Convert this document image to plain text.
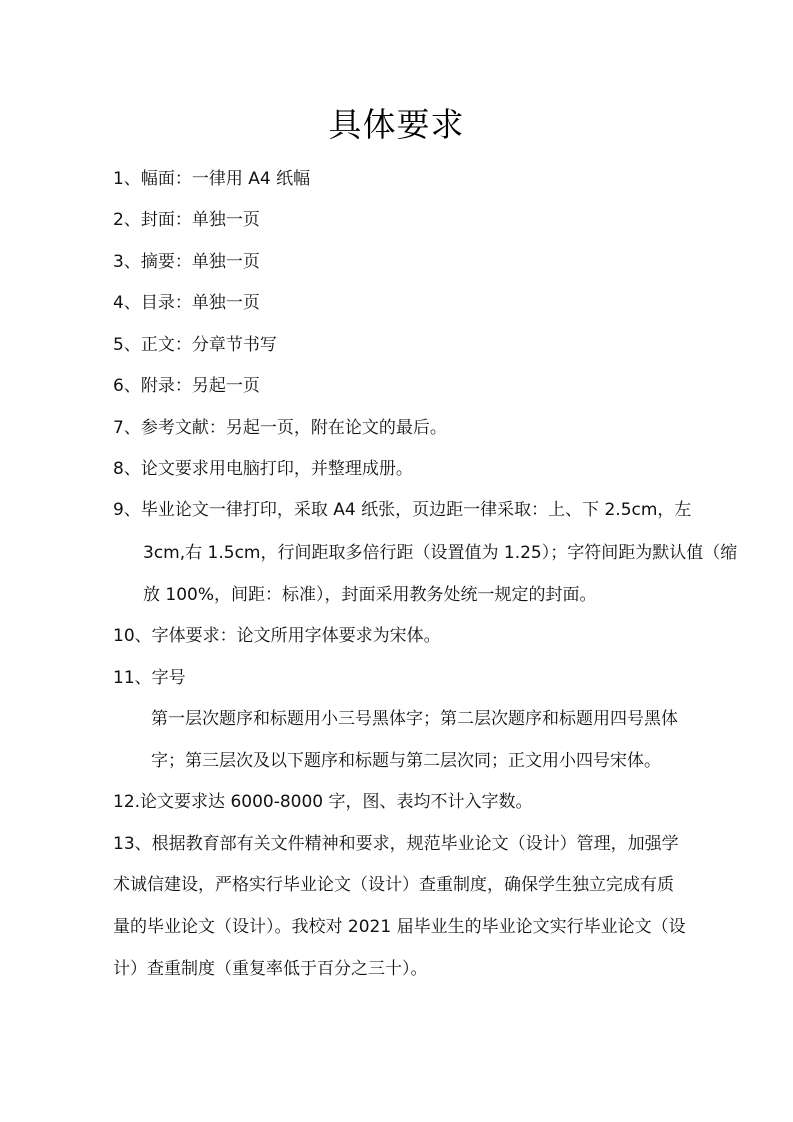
具体要求
1、幅面：一律用 A4 纸幅
2、封面：单独一页
3、摘要：单独一页
4、目录：单独一页
5、正文：分章节书写
6、附录：另起一页
7、参考文献：另起一页，附在论文的最后。
8、论文要求用电脑打印，并整理成册。
9、毕业论文一律打印，采取 A4 纸张，页边距一律采取：上、下 2.5cm，左
3cm,右 1.5cm，行间距取多倍行距（设置值为 1.25）；字符间距为默认值（缩
放 100%，间距：标准），封面采用教务处统一规定的封面。
10、字体要求：论文所用字体要求为宋体。
11、字号
第一层次题序和标题用小三号黑体字；第二层次题序和标题用四号黑体
字；第三层次及以下题序和标题与第二层次同；正文用小四号宋体。
12.论文要求达 6000-8000 字，图、表均不计入字数。
13、根据教育部有关文件精神和要求，规范毕业论文（设计）管理，加强学
术诚信建设，严格实行毕业论文（设计）查重制度，确保学生独立完成有质
量的毕业论文（设计）。我校对 2021 届毕业生的毕业论文实行毕业论文（设
计）查重制度（重复率低于百分之三十）。
